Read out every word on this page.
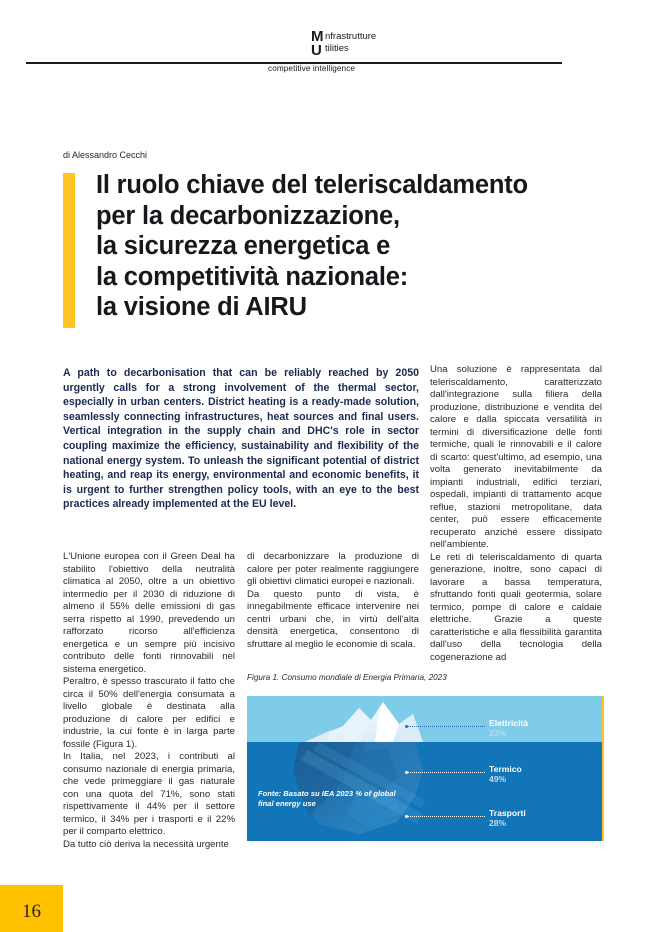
M
U
nfrastrutture
tilities
competitive intelligence
di Alessandro Cecchi
Il ruolo chiave del teleriscaldamento
per la decarbonizzazione,
la sicurezza energetica e
la competitività nazionale:
la visione di AIRU
A path to decarbonisation that can be reliably reached by 2050 urgently calls for a strong involvement of the thermal sector, especially in urban centers. District heating is a ready-made solution, seamlessly connecting infrastructures, heat sources and final users. Vertical integration in the supply chain and DHC's role in sector coupling maximize the efficiency, sustainability and flexibility of the national energy system. To unleash the significant potential of district heating, and reap its energy, environmental and economic benefits, it is urgent to further strengthen policy tools, with an eye to the best practices already implemented at the EU level.

L'Unione europea con il Green Deal ha stabilito l'obiettivo della neutralità climatica al 2050, oltre a un obiettivo intermedio per il 2030 di riduzione di almeno il 55% delle emissioni di gas serra rispetto al 1990, prevedendo un rafforzato ricorso all'efficienza energetica e un sempre più incisivo contributo delle fonti rinnovabili nel sistema energetico.

Peraltro, è spesso trascurato il fatto che circa il 50% dell'energia consumata a livello globale è destinata alla produzione di calore per edifici e industrie, la cui fonte è in larga parte fossile (Figura 1).

In Italia, nel 2023, i contributi al consumo nazionale di energia primaria, che vede primeggiare il gas naturale con una quota del 71%, sono stati rispettivamente il 44% per il settore termico, il 34% per i trasporti e il 22% per il comparto elettrico.

Da tutto ciò deriva la necessità urgente

di decarbonizzare la produzione di calore per poter realmente raggiungere gli obiettivi climatici europei e nazionali.

Da questo punto di vista, è innegabilmente efficace intervenire nei centri urbani che, in virtù dell'alta densità energetica, consentono di sfruttare al meglio le economie di scala.

Una soluzione è rappresentata dal teleriscaldamento, caratterizzato dall'integrazione sulla filiera della produzione, distribuzione e vendita del calore e dalla spiccata versatilità in termini di diversificazione delle fonti termiche, quali le rinnovabili e il calore di scarto: quest'ultimo, ad esempio, una volta generato inevitabilmente da impianti industriali, edifici terziari, ospedali, impianti di trattamento acque reflue, stazioni metropolitane, data center, può essere efficacemente recuperato anziché essere dissipato nell'ambiente.

Le reti di teleriscaldamento di quarta generazione, inoltre, sono capaci di lavorare a bassa temperatura, sfruttando fonti quali geotermia, solare termico, pompe di calore e caldaie elettriche. Grazie a queste caratteristiche e alla flessibilità garantita dall'uso della tecnologia della cogenerazione ad

Figura 1. Consumo mondiale di Energia Primaria, 2023
Fonte: Basato su IEA 2023 % of global final energy use
Elettricità
23%
Termico
49%
Trasporti
28%
16
